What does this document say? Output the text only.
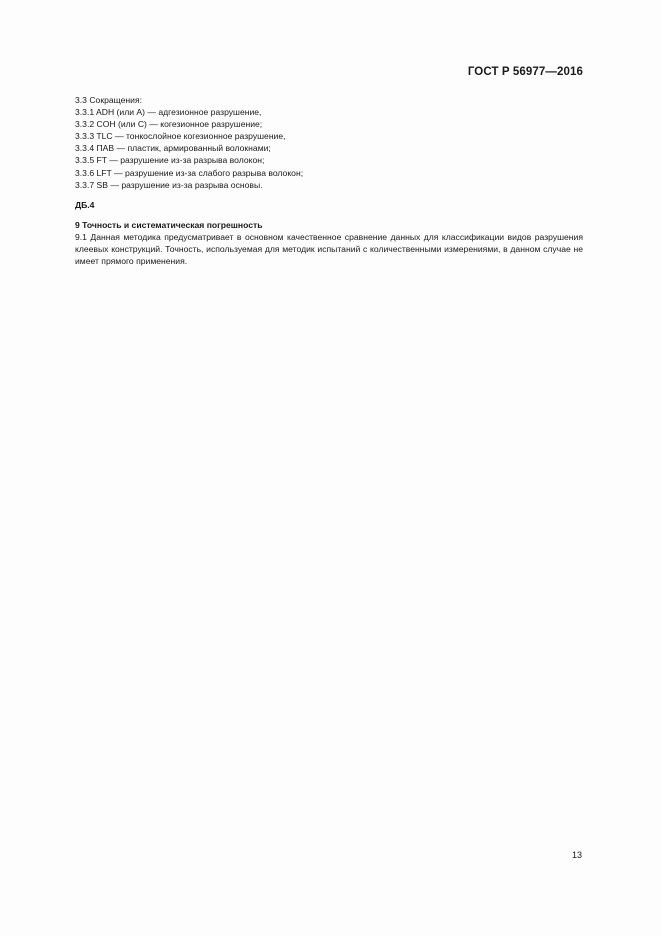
ГОСТ Р 56977—2016
3.3 Сокращения:
3.3.1 ADH (или A) — адгезионное разрушение,
3.3.2 COH (или C) — когезионное разрушение;
3.3.3 TLC — тонкослойное когезионное разрушение,
3.3.4 ПАВ — пластик, армированный волокнами;
3.3.5 FT — разрушение из-за разрыва волокон;
3.3.6 LFT — разрушение из-за слабого разрыва волокон;
3.3.7 SB — разрушение из-за разрыва основы.
ДБ.4
9 Точность и систематическая погрешность
9.1 Данная методика предусматривает в основном качественное сравнение данных для классификации видов разрушения клеевых конструкций. Точность, используемая для методик испытаний с количественными измерениями, в данном случае не имеет прямого применения.
13
